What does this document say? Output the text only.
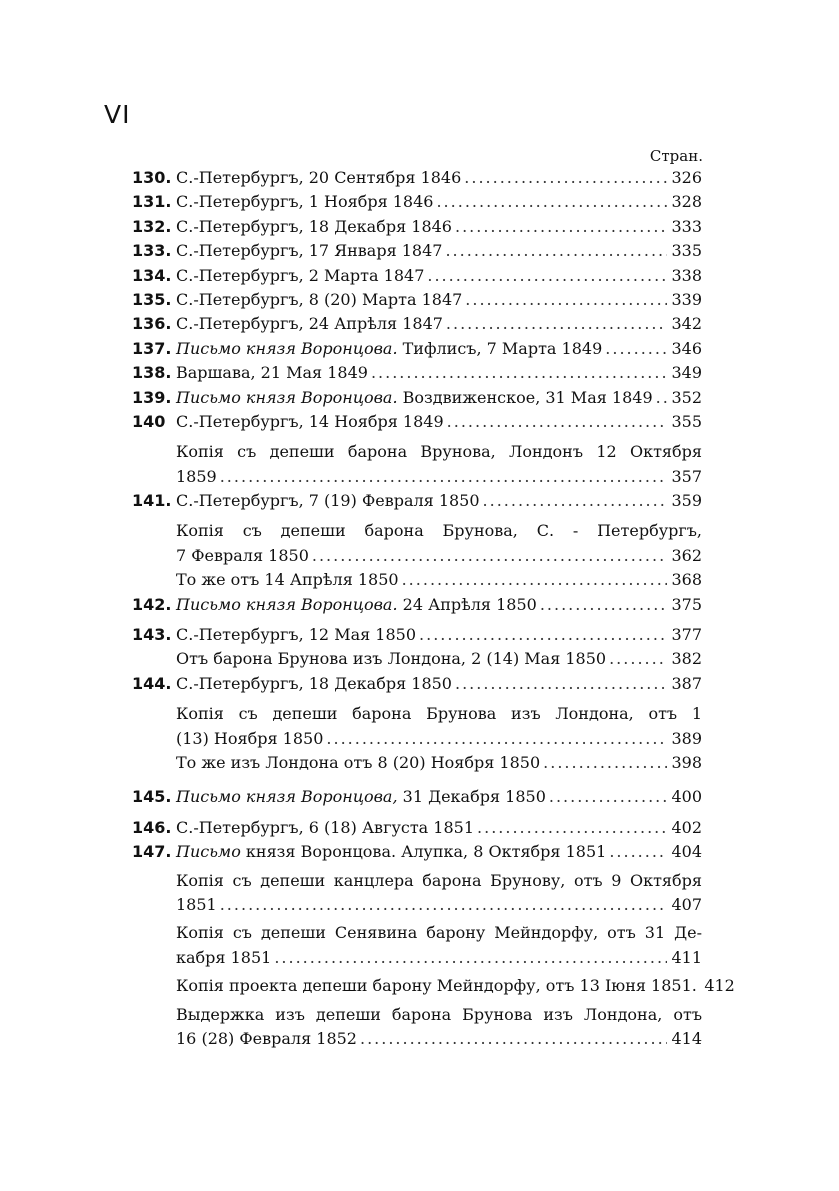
VI
Стран.
130. С.-Петербургъ, 20 Сентября 1846 .....	326
131. С.-Петербургъ, 1 Ноября 1846 .....	328
132. С.-Петербургъ, 18 Декабря 1846 .....	333
133. С.-Петербургъ, 17 Января 1847 .....	335
134. С.-Петербургъ, 2 Марта 1847 .....	338
135. С.-Петербургъ, 8 (20) Марта 1847 .....	339
136. С.-Петербургъ, 24 Апрѣля 1847 .....	342
137. Письмо князя Воронцова. Тифлисъ, 7 Марта 1849 .....	346
138. Варшава, 21 Мая 1849 .....	349
139. Письмо князя Воронцова. Воздвиженское, 31 Мая 1849 ..... 352
140 С.-Петербургъ, 14 Ноября 1849 .....	355
Копія съ депеши барона Врунова, Лондонъ 12 Октября
1859 .....	357
141. С.-Петербургъ, 7 (19) Февраля 1850 .....	359
Копія съ депеши барона Брунова, С. - Петербургъ,
7 Февраля 1850 .....	362
То же отъ 14 Апрѣля 1850 .....	368
142. Письмо князя Воронцова. 24 Апрѣля 1850 .....	375
143. С.-Петербургъ, 12 Мая 1850 .....	377
Отъ барона Брунова изъ Лондона, 2 (14) Мая 1850 .....	382
144. С.-Петербургъ, 18 Декабря 1850 .....	387
Копія съ депеши барона Брунова изъ Лондона, отъ 1
(13) Ноября 1850 .....	389
То же изъ Лондона отъ 8 (20) Ноября 1850 .....	398
145. Письмо князя Воронцова, 31 Декабря 1850 .....	400
146. С.-Петербургъ, 6 (18) Августа 1851 .....	402
147. Письмо князя Воронцова. Алупка, 8 Октября 1851 .....	404
Копія съ депеши канцлера барона Брунову, отъ 9 Октября
1851 .....	407
Копія съ депеши Сенявина барону Мейндорфу, отъ 31 Де-
кабря 1851 .....	411
Копія проекта депеши барону Мейндорфу, отъ 13 Іюня 1851. 412
Выдержка изъ депеши барона Брунова изъ Лондона, отъ
16 (28) Февраля 1852 .....	414
